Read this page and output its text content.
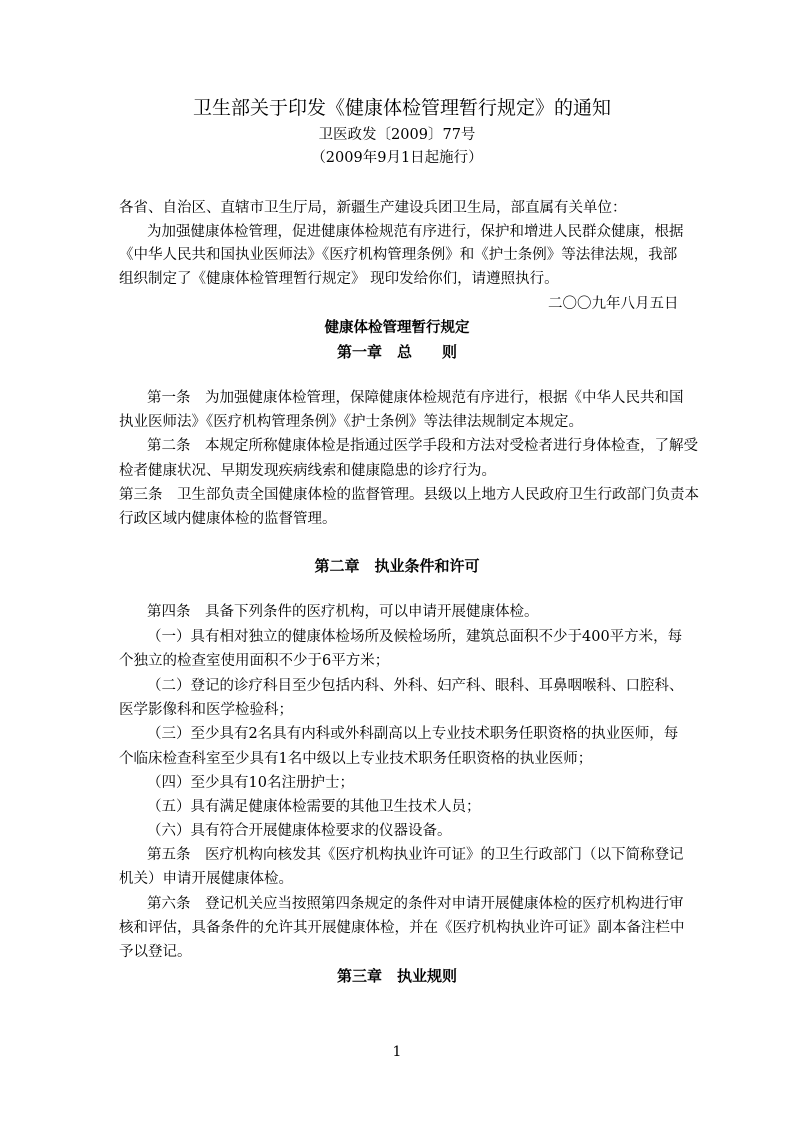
卫生部关于印发《健康体检管理暂行规定》的通知
卫医政发〔2009〕77号
（2009年9月1日起施行）
各省、自治区、直辖市卫生厅局，新疆生产建设兵团卫生局，部直属有关单位：
为加强健康体检管理，促进健康体检规范有序进行，保护和增进人民群众健康，根据
《中华人民共和国执业医师法》《医疗机构管理条例》和《护士条例》等法律法规，我部
组织制定了《健康体检管理暂行规定》 现印发给你们，请遵照执行。
二〇〇九年八月五日
健康体检管理暂行规定
第一章　总　　则
第一条　为加强健康体检管理，保障健康体检规范有序进行，根据《中华人民共和国
执业医师法》《医疗机构管理条例》《护士条例》等法律法规制定本规定。
第二条　本规定所称健康体检是指通过医学手段和方法对受检者进行身体检查，了解受
检者健康状况、早期发现疾病线索和健康隐患的诊疗行为。
第三条　卫生部负责全国健康体检的监督管理。县级以上地方人民政府卫生行政部门负责本
行政区域内健康体检的监督管理。
第二章　执业条件和许可
第四条　具备下列条件的医疗机构，可以申请开展健康体检。
（一）具有相对独立的健康体检场所及候检场所，建筑总面积不少于400平方米，每
个独立的检查室使用面积不少于6平方米；
（二）登记的诊疗科目至少包括内科、外科、妇产科、眼科、耳鼻咽喉科、口腔科、
医学影像科和医学检验科；
（三）至少具有2名具有内科或外科副高以上专业技术职务任职资格的执业医师，每
个临床检查科室至少具有1名中级以上专业技术职务任职资格的执业医师；
（四）至少具有10名注册护士；
（五）具有满足健康体检需要的其他卫生技术人员；
（六）具有符合开展健康体检要求的仪器设备。
第五条　医疗机构向核发其《医疗机构执业许可证》的卫生行政部门（以下简称登记
机关）申请开展健康体检。
第六条　登记机关应当按照第四条规定的条件对申请开展健康体检的医疗机构进行审
核和评估，具备条件的允许其开展健康体检，并在《医疗机构执业许可证》副本备注栏中
予以登记。
第三章　执业规则
1
